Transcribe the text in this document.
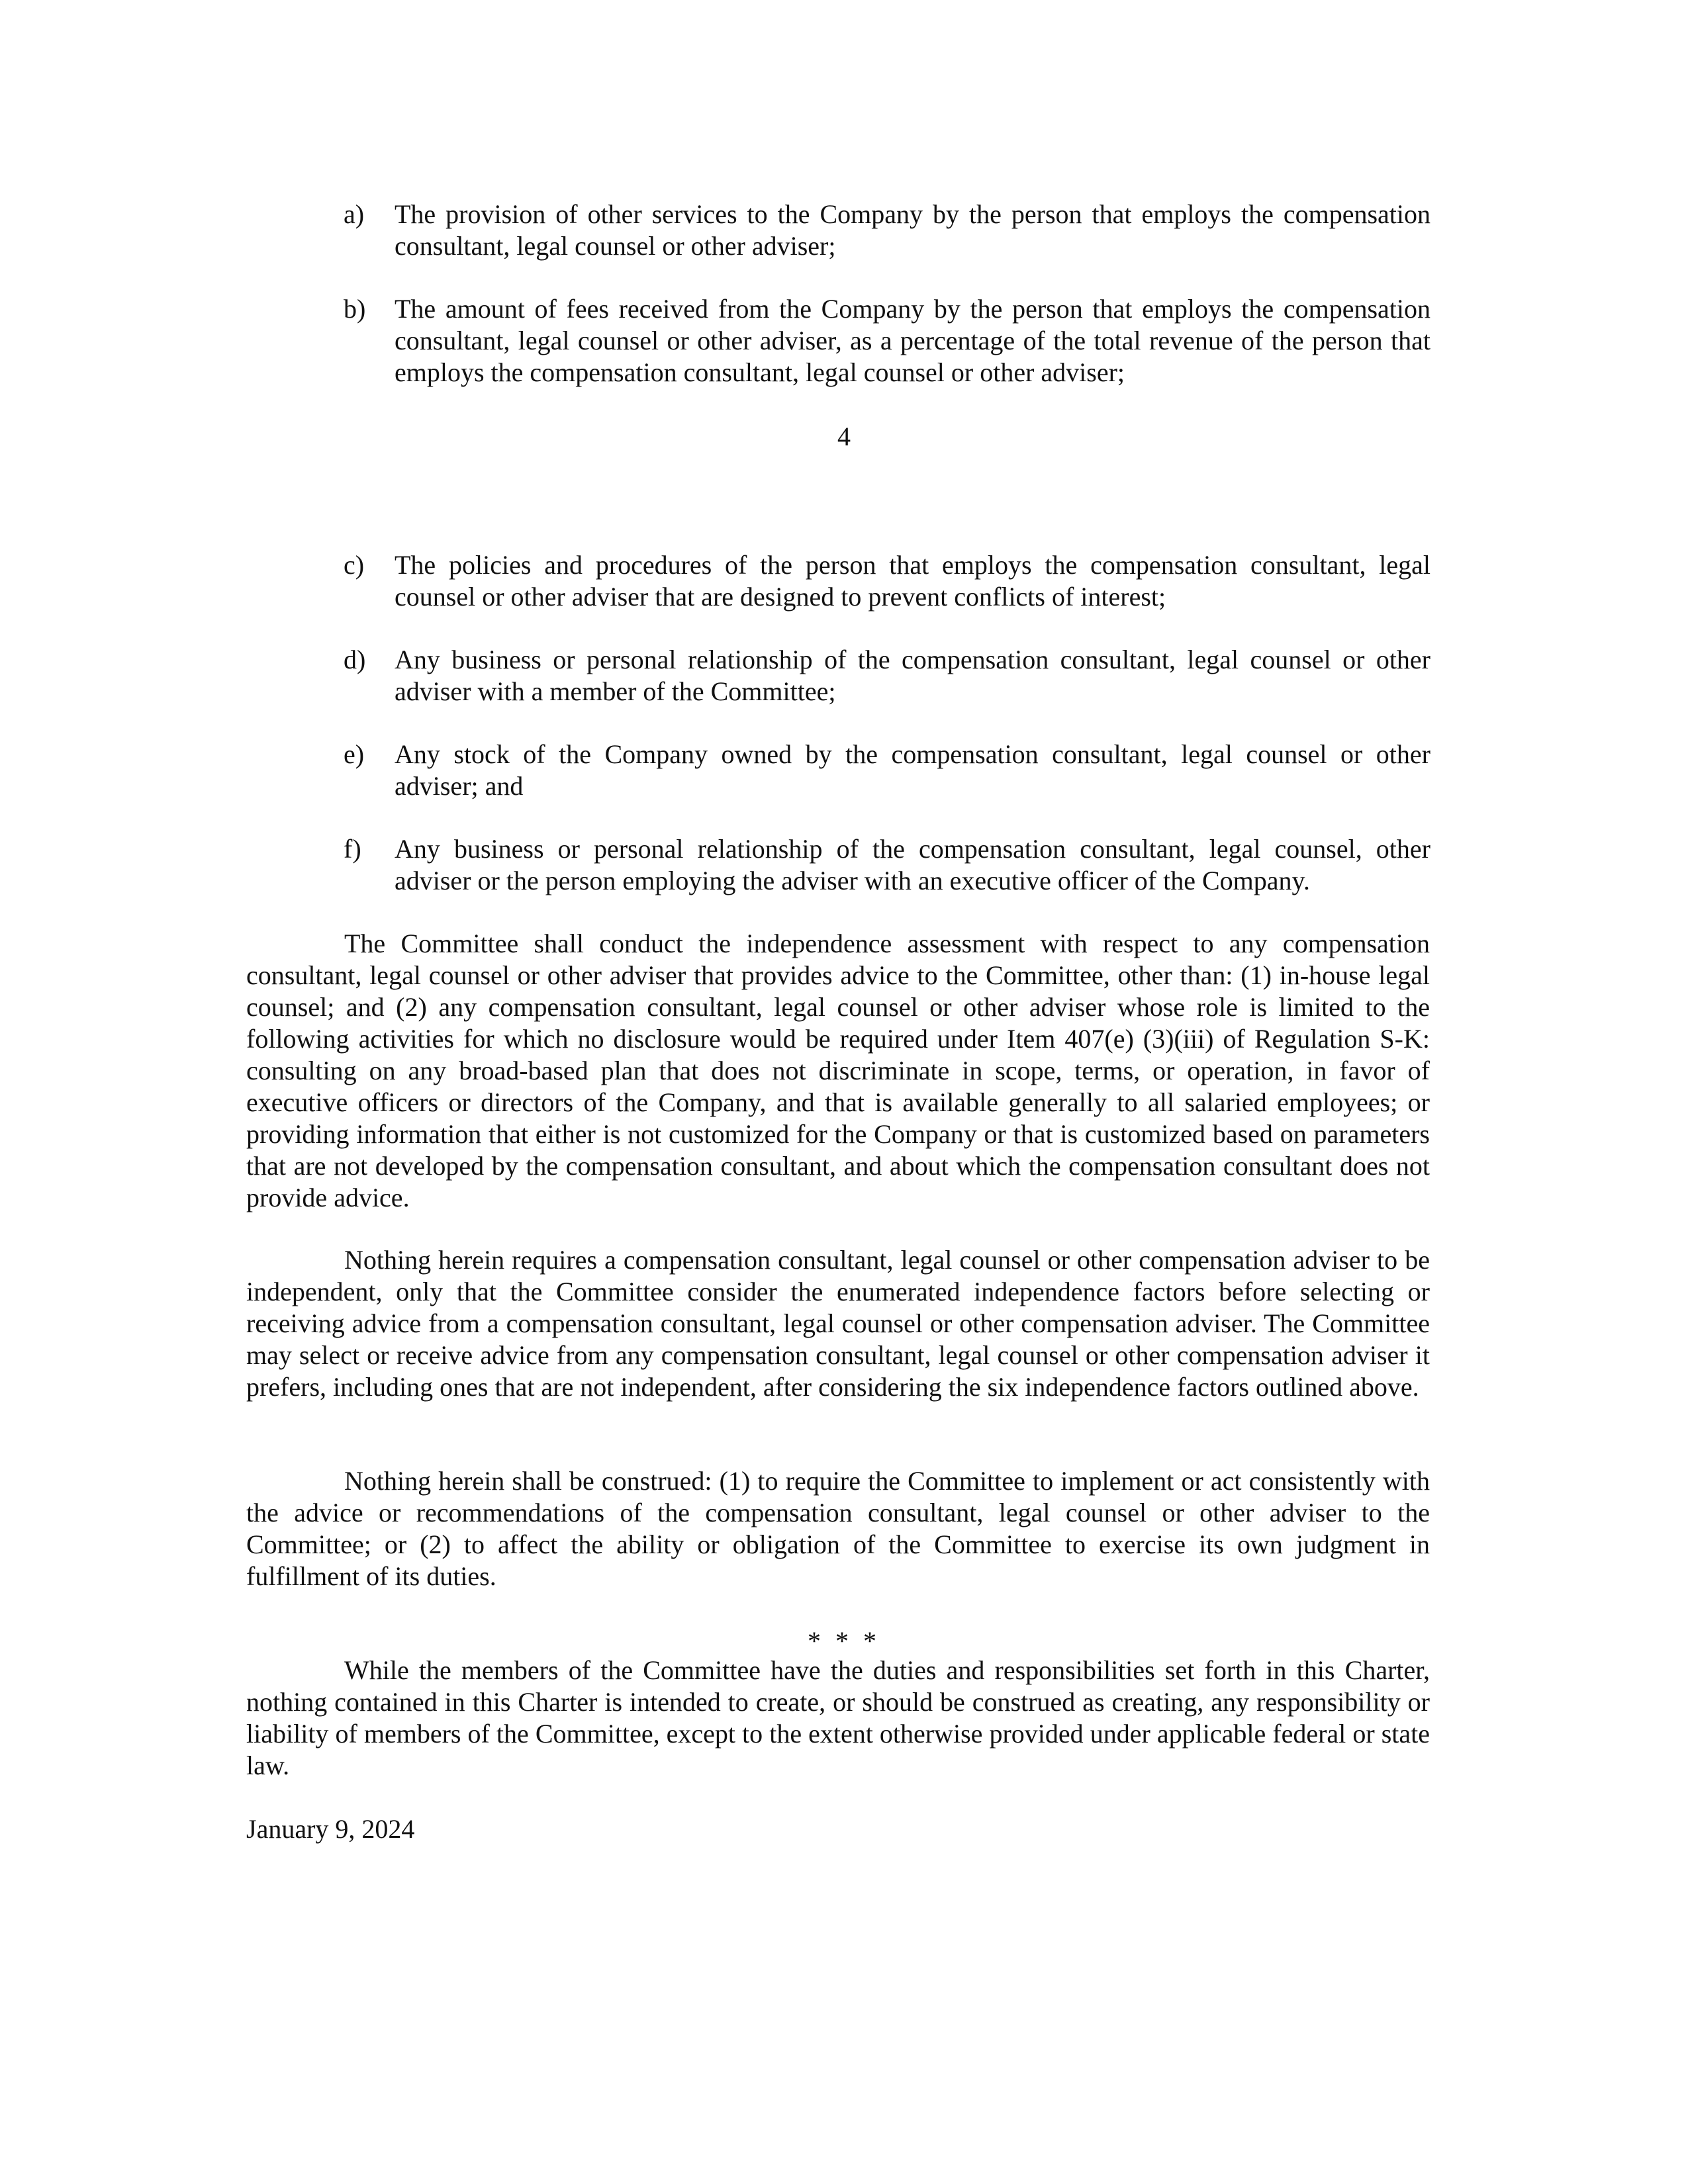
a)	The provision of other services to the Company by the person that employs the compensation consultant, legal counsel or other adviser;
b)	The amount of fees received from the Company by the person that employs the compensation consultant, legal counsel or other adviser, as a percentage of the total revenue of the person that employs the compensation consultant, legal counsel or other adviser;
4
c)	The policies and procedures of the person that employs the compensation consultant, legal counsel or other adviser that are designed to prevent conflicts of interest;
d)	Any business or personal relationship of the compensation consultant, legal counsel or other adviser with a member of the Committee;
e)	Any stock of the Company owned by the compensation consultant, legal counsel or other adviser; and
f)	Any business or personal relationship of the compensation consultant, legal counsel, other adviser or the person employing the adviser with an executive officer of the Company.

The Committee shall conduct the independence assessment with respect to any compensation consultant, legal counsel or other adviser that provides advice to the Committee, other than: (1) in-house legal counsel; and (2) any compensation consultant, legal counsel or other adviser whose role is limited to the following activities for which no disclosure would be required under Item 407(e) (3)(iii) of Regulation S-K: consulting on any broad-based plan that does not discriminate in scope, terms, or operation, in favor of executive officers or directors of the Company, and that is available generally to all salaried employees; or providing information that either is not customized for the Company or that is customized based on parameters that are not developed by the compensation consultant, and about which the compensation consultant does not provide advice.

Nothing herein requires a compensation consultant, legal counsel or other compensation adviser to be independent, only that the Committee consider the enumerated independence factors before selecting or receiving advice from a compensation consultant, legal counsel or other compensation adviser. The Committee may select or receive advice from any compensation consultant, legal counsel or other compensation adviser it prefers, including ones that are not independent, after considering the six independence factors outlined above.

Nothing herein shall be construed: (1) to require the Committee to implement or act consistently with the advice or recommendations of the compensation consultant, legal counsel or other adviser to the Committee; or (2) to affect the ability or obligation of the Committee to exercise its own judgment in fulfillment of its duties.

* * *

While the members of the Committee have the duties and responsibilities set forth in this Charter, nothing contained in this Charter is intended to create, or should be construed as creating, any responsibility or liability of members of the Committee, except to the extent otherwise provided under applicable federal or state law.

January 9, 2024
